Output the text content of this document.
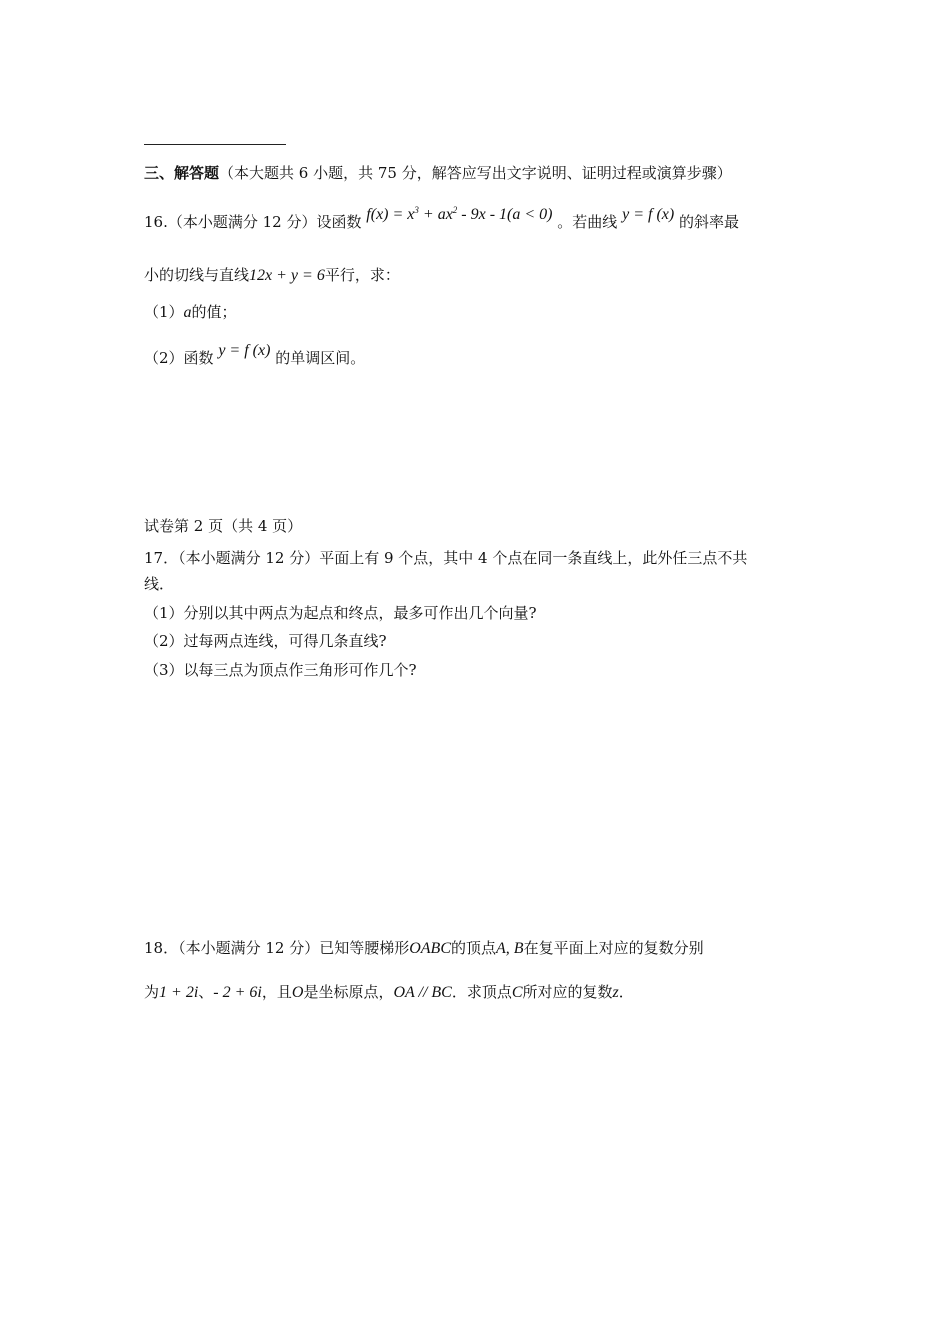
三、解答题（本大题共 6 小题，共 75 分，解答应写出文字说明、证明过程或演算步骤）
16.（本小题满分 12 分）设函数 $f(x) = x^3 + ax^2 - 9x - 1(a < 0)$ 。若曲线 y = f (x) 的斜率最
小的切线与直线12x + y = 6平行，求：
（1）a的值；
（2）函数 y = f (x) 的单调区间。
试卷第 2 页（共 4 页）
17．（本小题满分 12 分）平面上有 9 个点，其中 4 个点在同一条直线上，此外任三点不共
线．
（1）分别以其中两点为起点和终点，最多可作出几个向量?
（2）过每两点连线，可得几条直线?
（3）以每三点为顶点作三角形可作几个?
18．（本小题满分 12 分）已知等腰梯形OABC的顶点A, B在复平面上对应的复数分别
为1 + 2i、- 2 + 6i，且O是坐标原点，OA // BC．求顶点C所对应的复数z．
